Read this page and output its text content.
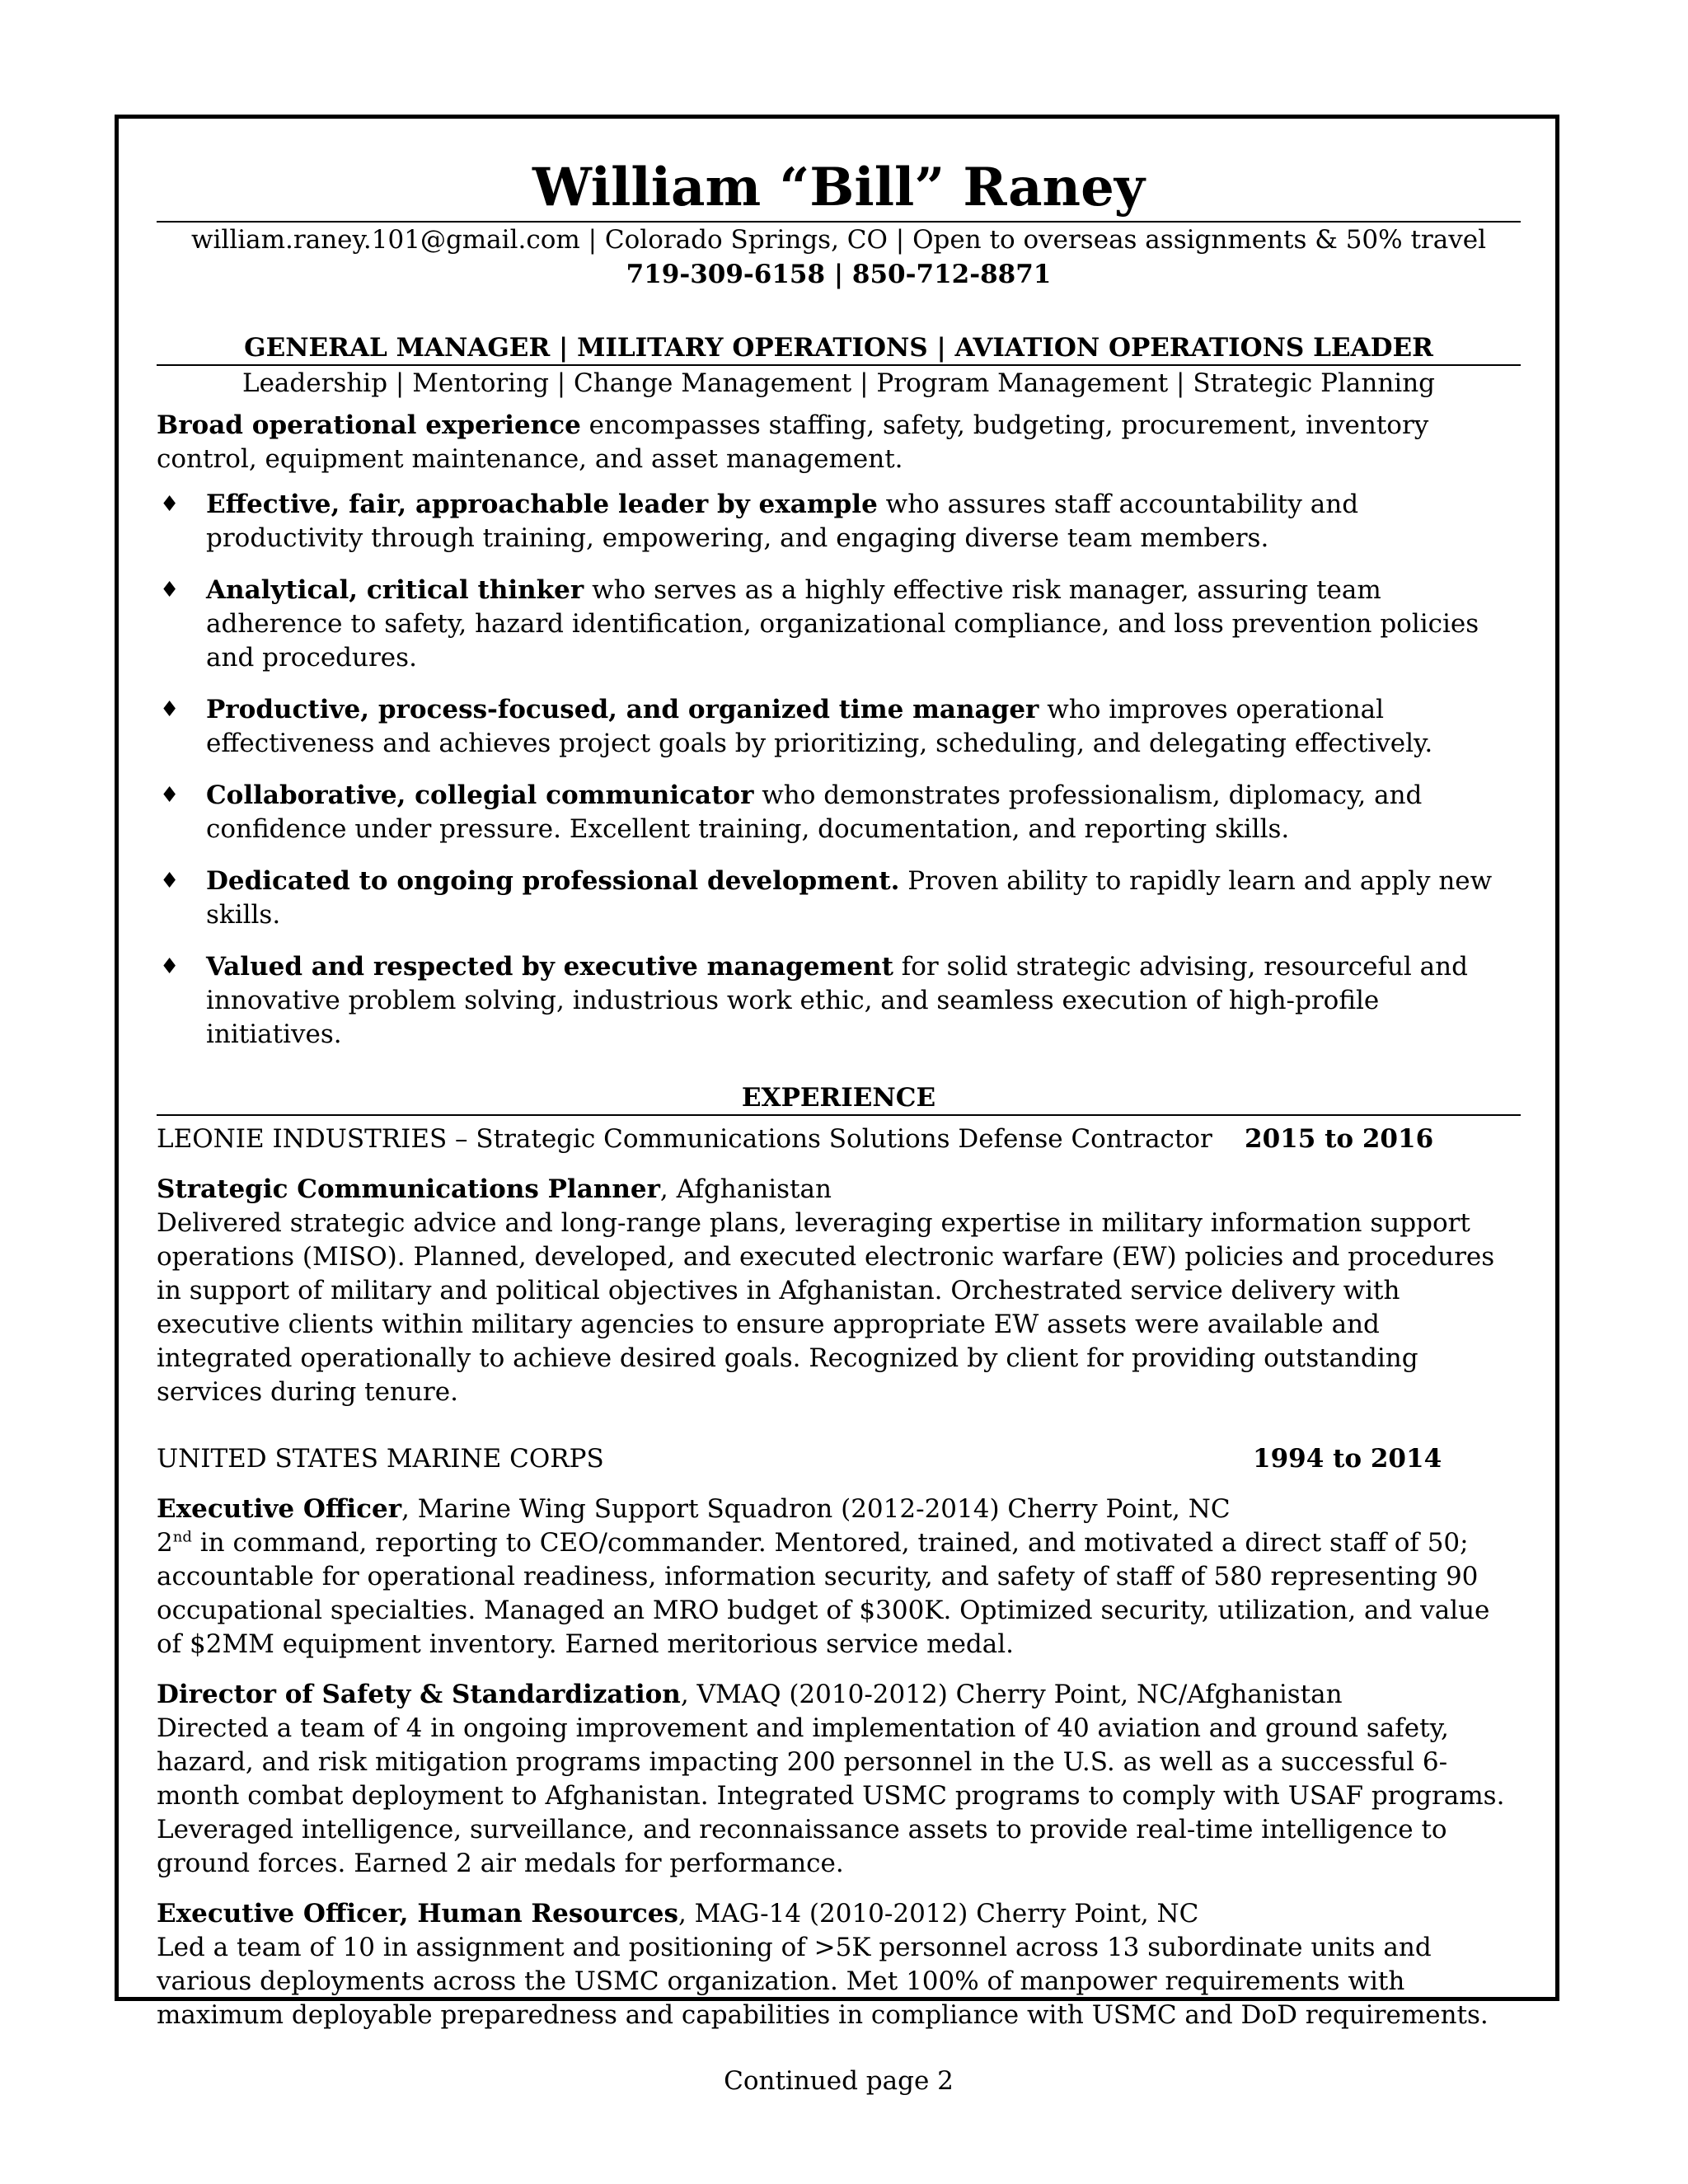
William “Bill” Raney
william.raney.101@gmail.com | Colorado Springs, CO | Open to overseas assignments & 50% travel
719-309-6158 | 850-712-8871
GENERAL MANAGER | MILITARY OPERATIONS | AVIATION OPERATIONS LEADER
Leadership | Mentoring | Change Management | Program Management | Strategic Planning
Broad operational experience encompasses staffing, safety, budgeting, procurement, inventory control, equipment maintenance, and asset management.
♦ Effective, fair, approachable leader by example who assures staff accountability and productivity through training, empowering, and engaging diverse team members.
♦ Analytical, critical thinker who serves as a highly effective risk manager, assuring team adherence to safety, hazard identification, organizational compliance, and loss prevention policies and procedures.
♦ Productive, process-focused, and organized time manager who improves operational effectiveness and achieves project goals by prioritizing, scheduling, and delegating effectively.
♦ Collaborative, collegial communicator who demonstrates professionalism, diplomacy, and confidence under pressure. Excellent training, documentation, and reporting skills.
♦ Dedicated to ongoing professional development. Proven ability to rapidly learn and apply new skills.
♦ Valued and respected by executive management for solid strategic advising, resourceful and innovative problem solving, industrious work ethic, and seamless execution of high-profile initiatives.
EXPERIENCE
LEONIE INDUSTRIES – Strategic Communications Solutions Defense Contractor 2015 to 2016
Strategic Communications Planner, Afghanistan
Delivered strategic advice and long-range plans, leveraging expertise in military information support operations (MISO). Planned, developed, and executed electronic warfare (EW) policies and procedures in support of military and political objectives in Afghanistan. Orchestrated service delivery with executive clients within military agencies to ensure appropriate EW assets were available and integrated operationally to achieve desired goals. Recognized by client for providing outstanding services during tenure.
UNITED STATES MARINE CORPS	1994 to 2014
Executive Officer, Marine Wing Support Squadron (2012-2014) Cherry Point, NC
2nd in command, reporting to CEO/commander. Mentored, trained, and motivated a direct staff of 50; accountable for operational readiness, information security, and safety of staff of 580 representing 90 occupational specialties. Managed an MRO budget of $300K. Optimized security, utilization, and value of $2MM equipment inventory. Earned meritorious service medal.
Director of Safety & Standardization, VMAQ (2010-2012) Cherry Point, NC/Afghanistan
Directed a team of 4 in ongoing improvement and implementation of 40 aviation and ground safety, hazard, and risk mitigation programs impacting 200 personnel in the U.S. as well as a successful 6-month combat deployment to Afghanistan. Integrated USMC programs to comply with USAF programs. Leveraged intelligence, surveillance, and reconnaissance assets to provide real-time intelligence to ground forces. Earned 2 air medals for performance.
Executive Officer, Human Resources, MAG-14 (2010-2012) Cherry Point, NC
Led a team of 10 in assignment and positioning of >5K personnel across 13 subordinate units and various deployments across the USMC organization. Met 100% of manpower requirements with maximum deployable preparedness and capabilities in compliance with USMC and DoD requirements.
Continued page 2
